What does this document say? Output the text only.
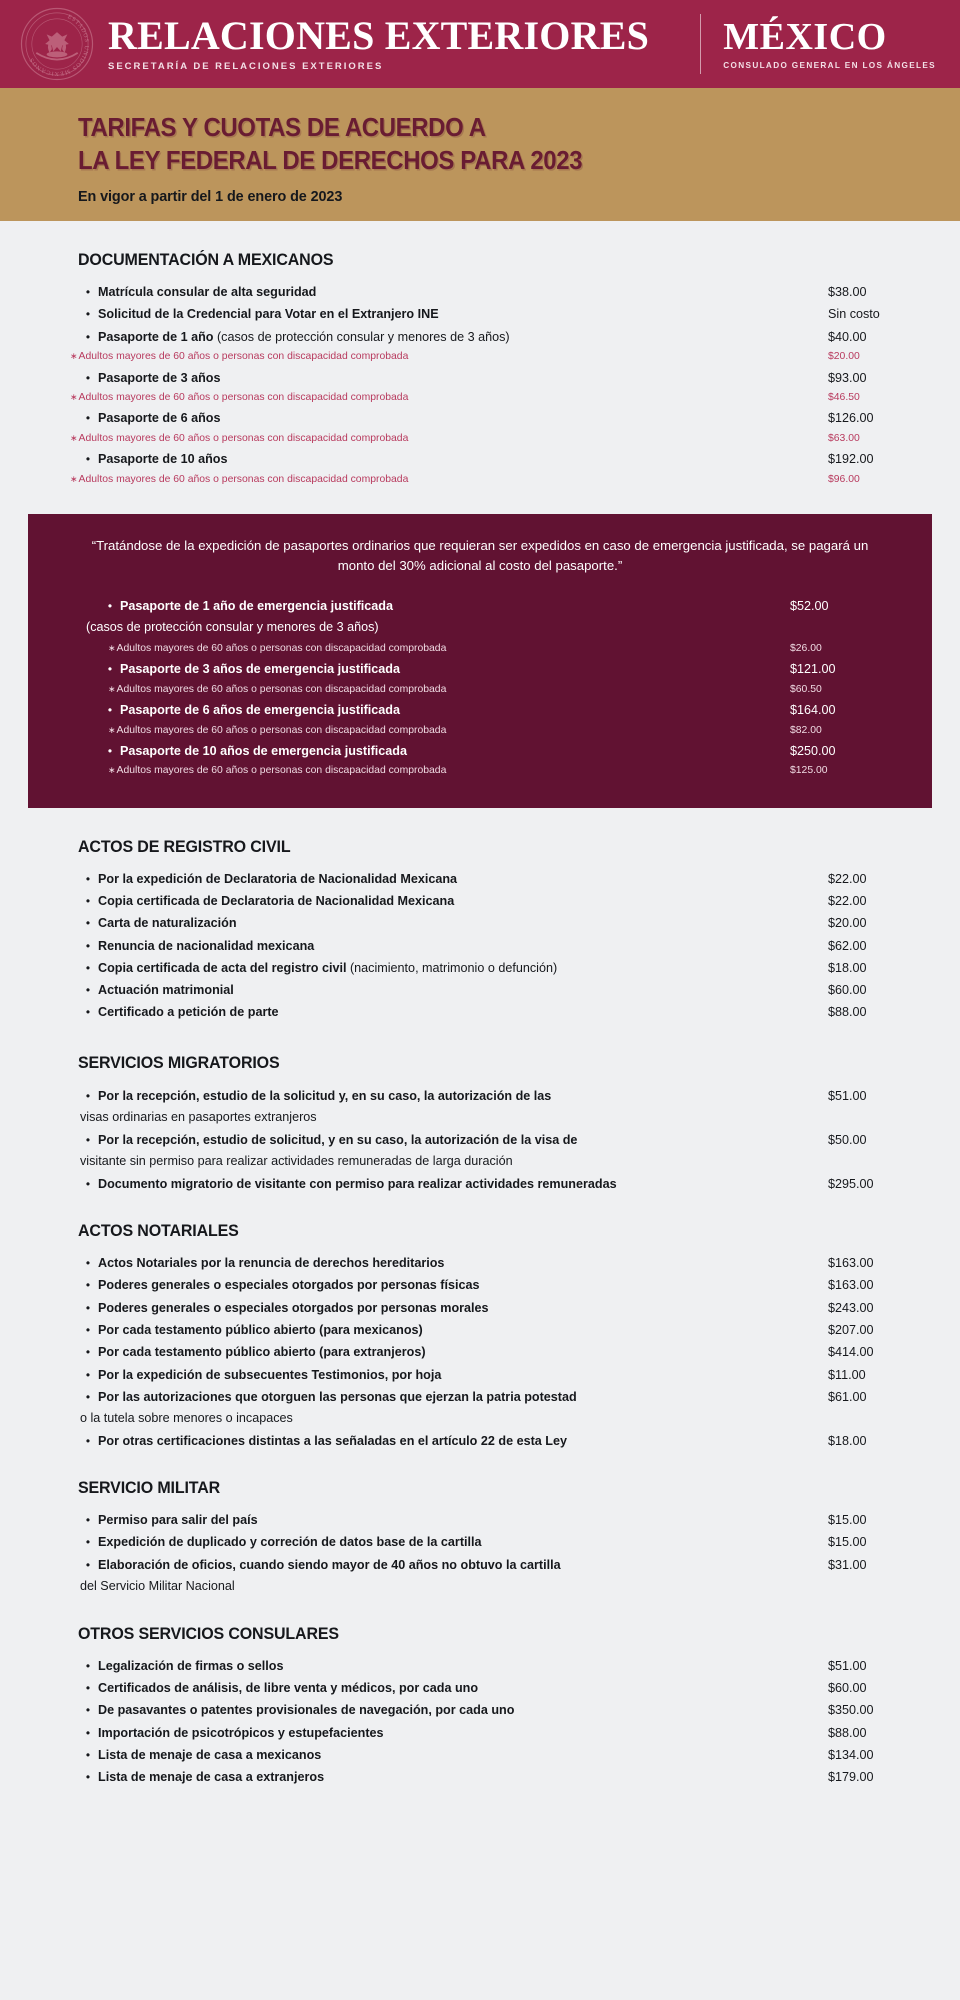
ESTADOS UNIDOS MEXICANOS
RELACIONES EXTERIORES
SECRETARÍA DE RELACIONES EXTERIORES
MÉXICO
CONSULADO GENERAL EN LOS ÁNGELES
TARIFAS Y CUOTAS DE ACUERDO A
LA LEY FEDERAL DE DERECHOS PARA 2023
En vigor a partir del 1 de enero de 2023
DOCUMENTACIÓN A MEXICANOS
• Matrícula consular de alta seguridad	$38.00
• Solicitud de la Credencial para Votar en el Extranjero INE	Sin costo
• Pasaporte de 1 año (casos de protección consular y menores de 3 años)	$40.00
∗ Adultos mayores de 60 años o personas con discapacidad comprobada	$20.00
• Pasaporte de 3 años	$93.00
∗ Adultos mayores de 60 años o personas con discapacidad comprobada	$46.50
• Pasaporte de 6 años	$126.00
∗ Adultos mayores de 60 años o personas con discapacidad comprobada	$63.00
• Pasaporte de 10 años	$192.00
∗ Adultos mayores de 60 años o personas con discapacidad comprobada	$96.00
“Tratándose de la expedición de pasaportes ordinarios que requieran ser expedidos en caso de emergencia justificada, se pagará un monto del 30% adicional al costo del pasaporte.”
• Pasaporte de 1 año de emergencia justificada	$52.00
(casos de protección consular y menores de 3 años)
∗ Adultos mayores de 60 años o personas con discapacidad comprobada	$26.00
• Pasaporte de 3 años de emergencia justificada	$121.00
∗ Adultos mayores de 60 años o personas con discapacidad comprobada	$60.50
• Pasaporte de 6 años de emergencia justificada	$164.00
∗ Adultos mayores de 60 años o personas con discapacidad comprobada	$82.00
• Pasaporte de 10 años de emergencia justificada	$250.00
∗ Adultos mayores de 60 años o personas con discapacidad comprobada	$125.00
ACTOS DE REGISTRO CIVIL
• Por la expedición de Declaratoria de Nacionalidad Mexicana	$22.00
• Copia certificada de Declaratoria de Nacionalidad Mexicana	$22.00
• Carta de naturalización	$20.00
• Renuncia de nacionalidad mexicana	$62.00
• Copia certificada de acta del registro civil (nacimiento, matrimonio o defunción)	$18.00
• Actuación matrimonial	$60.00
• Certificado a petición de parte	$88.00
SERVICIOS MIGRATORIOS
• Por la recepción, estudio de la solicitud y, en su caso, la autorización de las	$51.00
visas ordinarias en pasaportes extranjeros
• Por la recepción, estudio de solicitud, y en su caso, la autorización de la visa de	$50.00
visitante sin permiso para realizar actividades remuneradas de larga duración
• Documento migratorio de visitante con permiso para realizar actividades remuneradas	$295.00
ACTOS NOTARIALES
• Actos Notariales por la renuncia de derechos hereditarios	$163.00
• Poderes generales o especiales otorgados por personas físicas	$163.00
• Poderes generales o especiales otorgados por personas morales	$243.00
• Por cada testamento público abierto (para mexicanos)	$207.00
• Por cada testamento público abierto (para extranjeros)	$414.00
• Por la expedición de subsecuentes Testimonios, por hoja	$11.00
• Por las autorizaciones que otorguen las personas que ejerzan la patria potestad	$61.00
o la tutela sobre menores o incapaces
• Por otras certificaciones distintas a las señaladas en el artículo 22 de esta Ley	$18.00
SERVICIO MILITAR
• Permiso para salir del país	$15.00
• Expedición de duplicado y correción de datos base de la cartilla	$15.00
• Elaboración de oficios, cuando siendo mayor de 40 años no obtuvo la cartilla	$31.00
del Servicio Militar Nacional
OTROS SERVICIOS CONSULARES
• Legalización de firmas o sellos	$51.00
• Certificados de análisis, de libre venta y médicos, por cada uno	$60.00
• De pasavantes o patentes provisionales de navegación, por cada uno	$350.00
• Importación de psicotrópicos y estupefacientes	$88.00
• Lista de menaje de casa a mexicanos	$134.00
• Lista de menaje de casa a extranjeros	$179.00
